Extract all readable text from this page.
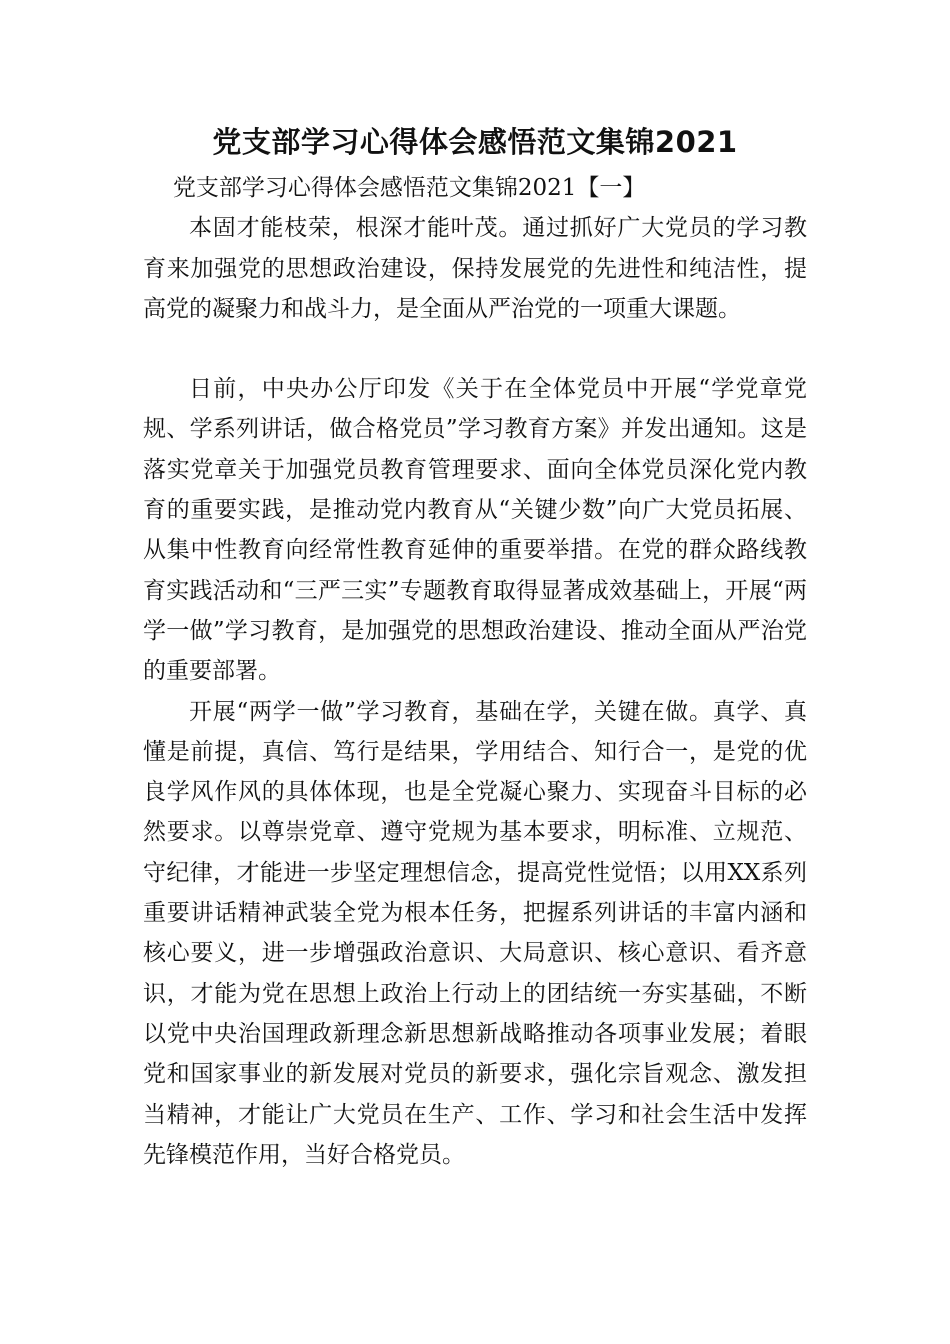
党支部学习心得体会感悟范文集锦2021

党支部学习心得体会感悟范文集锦2021【一】

本固才能枝荣，根深才能叶茂。通过抓好广大党员的学习教育来加强党的思想政治建设，保持发展党的先进性和纯洁性，提高党的凝聚力和战斗力，是全面从严治党的一项重大课题。

日前，中央办公厅印发《关于在全体党员中开展“学党章党规、学系列讲话，做合格党员”学习教育方案》并发出通知。这是落实党章关于加强党员教育管理要求、面向全体党员深化党内教育的重要实践，是推动党内教育从“关键少数”向广大党员拓展、从集中性教育向经常性教育延伸的重要举措。在党的群众路线教育实践活动和“三严三实”专题教育取得显著成效基础上，开展“两学一做”学习教育，是加强党的思想政治建设、推动全面从严治党的重要部署。

开展“两学一做”学习教育，基础在学，关键在做。真学、真懂是前提，真信、笃行是结果，学用结合、知行合一，是党的优良学风作风的具体体现，也是全党凝心聚力、实现奋斗目标的必然要求。以尊崇党章、遵守党规为基本要求，明标准、立规范、守纪律，才能进一步坚定理想信念，提高党性觉悟；以用XX系列重要讲话精神武装全党为根本任务，把握系列讲话的丰富内涵和核心要义，进一步增强政治意识、大局意识、核心意识、看齐意识，才能为党在思想上政治上行动上的团结统一夯实基础，不断以党中央治国理政新理念新思想新战略推动各项事业发展；着眼党和国家事业的新发展对党员的新要求，强化宗旨观念、激发担当精神，才能让广大党员在生产、工作、学习和社会生活中发挥先锋模范作用，当好合格党员。
